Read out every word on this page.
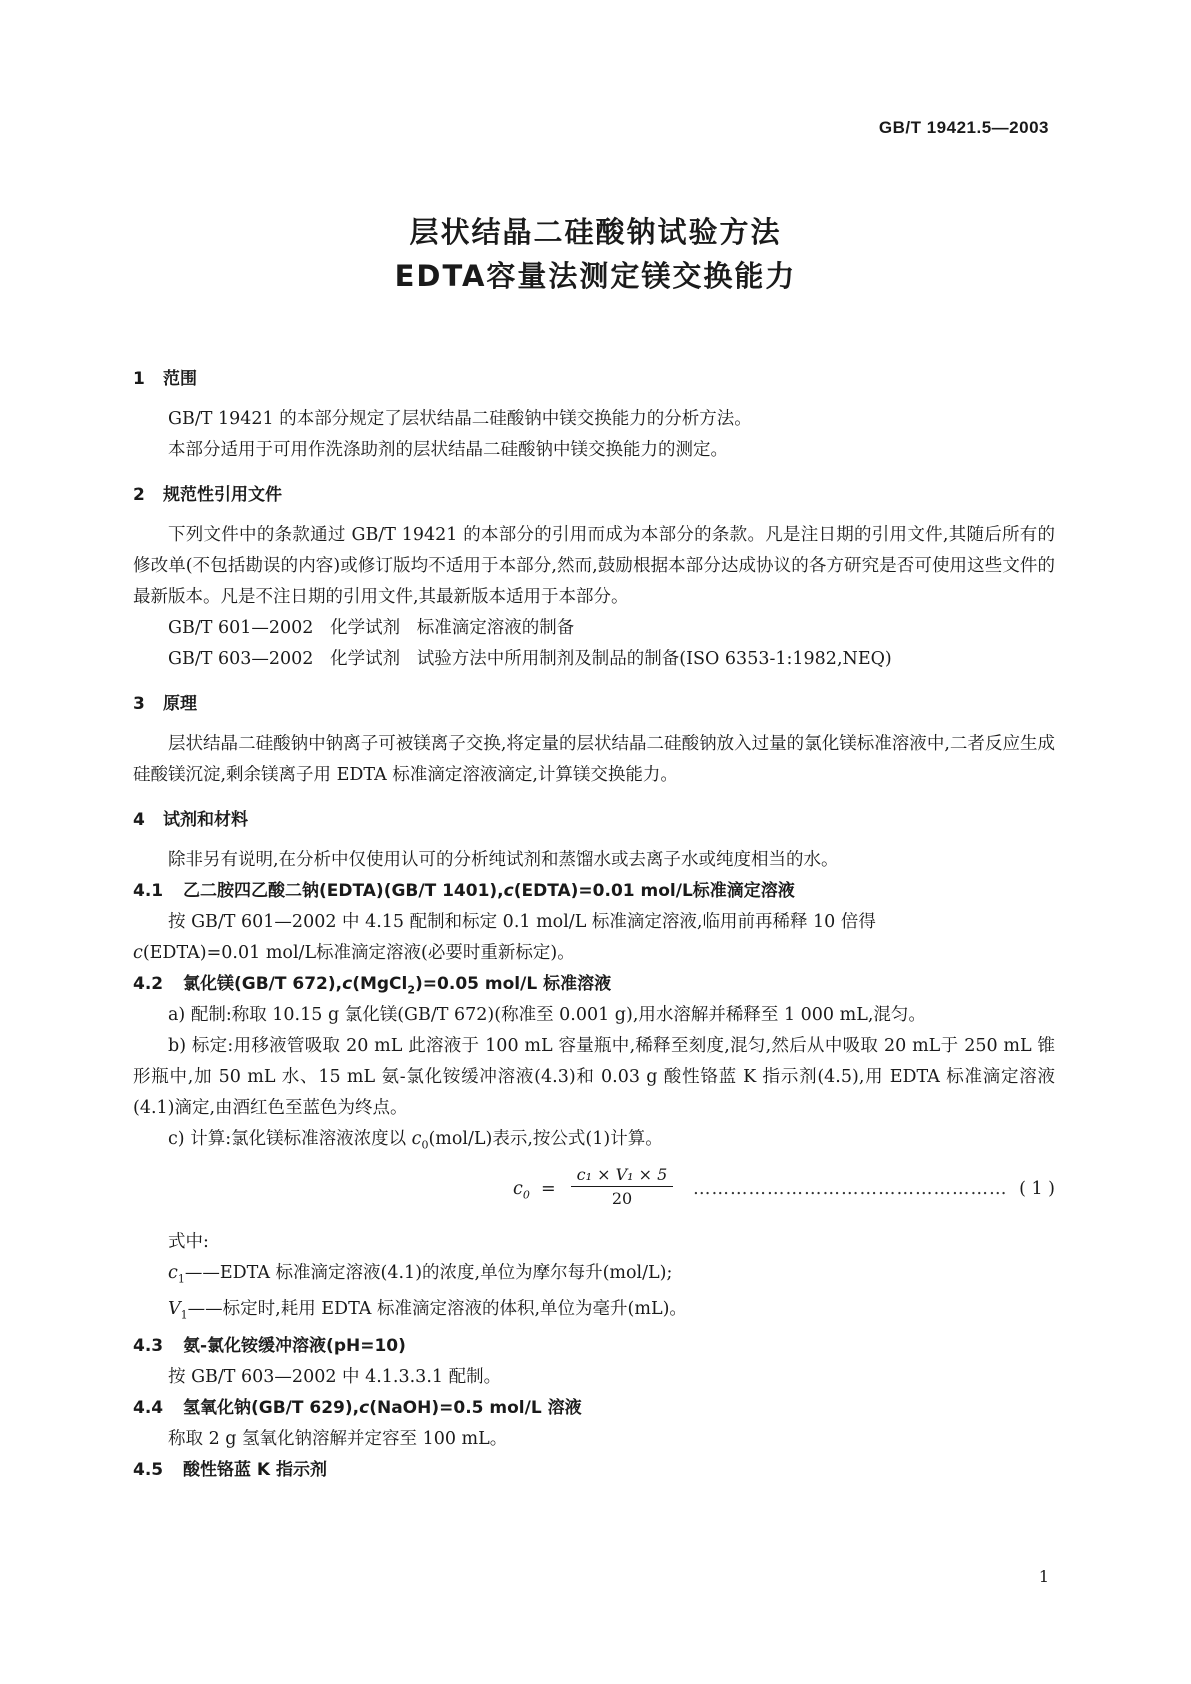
GB/T 19421.5—2003
层状结晶二硅酸钠试验方法
EDTA容量法测定镁交换能力
1 范围
GB/T 19421 的本部分规定了层状结晶二硅酸钠中镁交换能力的分析方法。
本部分适用于可用作洗涤助剂的层状结晶二硅酸钠中镁交换能力的测定。
2 规范性引用文件
下列文件中的条款通过 GB/T 19421 的本部分的引用而成为本部分的条款。凡是注日期的引用文件,其随后所有的修改单(不包括勘误的内容)或修订版均不适用于本部分,然而,鼓励根据本部分达成协议的各方研究是否可使用这些文件的最新版本。凡是不注日期的引用文件,其最新版本适用于本部分。
GB/T 601—2002   化学试剂   标准滴定溶液的制备
GB/T 603—2002   化学试剂   试验方法中所用制剂及制品的制备(ISO 6353-1:1982,NEQ)
3 原理
层状结晶二硅酸钠中钠离子可被镁离子交换,将定量的层状结晶二硅酸钠放入过量的氯化镁标准溶液中,二者反应生成硅酸镁沉淀,剩余镁离子用 EDTA 标准滴定溶液滴定,计算镁交换能力。
4 试剂和材料
除非另有说明,在分析中仅使用认可的分析纯试剂和蒸馏水或去离子水或纯度相当的水。
4.1 乙二胺四乙酸二钠(EDTA)(GB/T 1401),c(EDTA)=0.01 mol/L标准滴定溶液
按 GB/T 601—2002 中 4.15 配制和标定 0.1 mol/L 标准滴定溶液,临用前再稀释 10 倍得
c(EDTA)=0.01 mol/L标准滴定溶液(必要时重新标定)。
4.2 氯化镁(GB/T 672),c(MgCl$_2$)=0.05 mol/L 标准溶液
a) 配制:称取 10.15 g 氯化镁(GB/T 672)(称准至 0.001 g),用水溶解并稀释至 1 000 mL,混匀。
b) 标定:用移液管吸取 20 mL 此溶液于 100 mL 容量瓶中,稀释至刻度,混匀,然后从中吸取 20 mL于 250 mL 锥形瓶中,加 50 mL 水、15 mL 氨-氯化铵缓冲溶液(4.3)和 0.03 g 酸性铬蓝 K 指示剂(4.5),用 EDTA 标准滴定溶液(4.1)滴定,由酒红色至蓝色为终点。
c) 计算:氯化镁标准溶液浓度以 $c_0(mol/L)$表示,按公式(1)计算。
$c_0 = \frac{\text{c₁ × V₁ × 5}}{20}$ …………………………………………… ( 1 )
式中:
$c_1——EDTA$ 标准滴定溶液(4.1)的浓度,单位为摩尔每升(mol/L);
$V_1——$标定时,耗用 EDTA 标准滴定溶液的体积,单位为毫升(mL)。
4.3 氨-氯化铵缓冲溶液(pH=10)
按 GB/T 603—2002 中 4.1.3.3.1 配制。
4.4 氢氧化钠(GB/T 629),c(NaOH)=0.5 mol/L 溶液
称取 2 g 氢氧化钠溶解并定容至 100 mL。
4.5 酸性铬蓝 K 指示剂
1
